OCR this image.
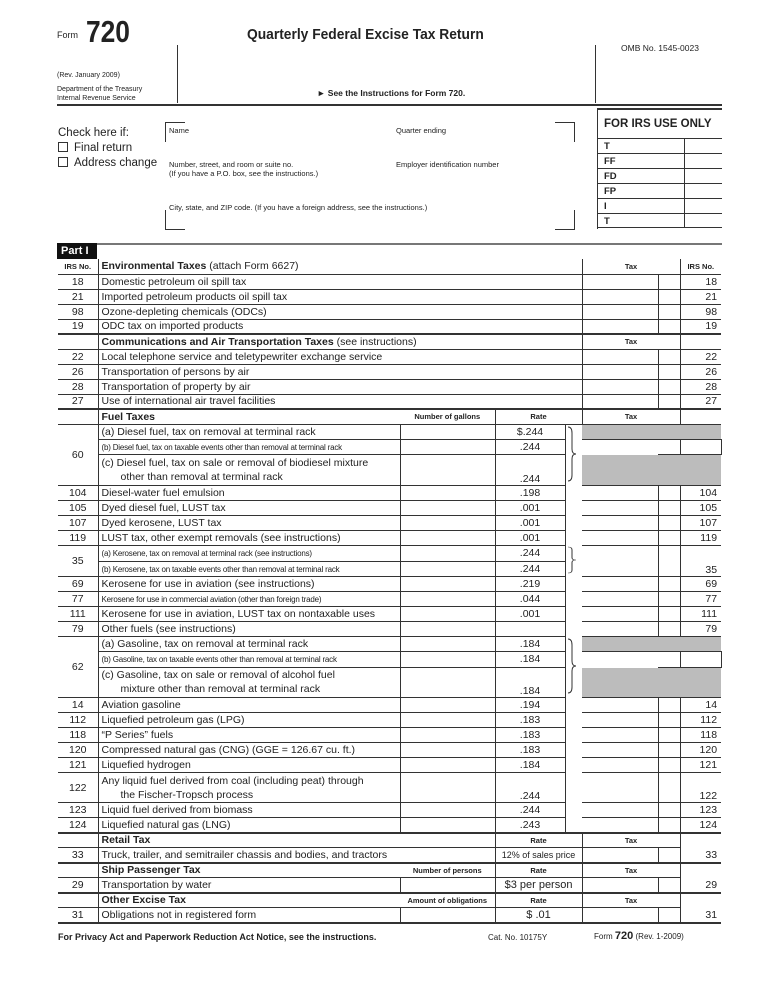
Form 720
(Rev. January 2009)
Department of the Treasury
Internal Revenue Service
Quarterly Federal Excise Tax Return
► See the Instructions for Form 720.
OMB No. 1545-0023
FOR IRS USE ONLY
T
FF
FD
FP
I
T
Check here if:
Final return
Address change
Name	Quarter ending
Number, street, and room or suite no.
(If you have a P.O. box, see the instructions.)
Employer identification number
City, state, and ZIP code. (If you have a foreign address, see the instructions.)
Part I
IRS No.	Environmental Taxes (attach Form 6627)				Tax		IRS No.	
18	Domestic petroleum oil spill tax						18	
21	Imported petroleum products oil spill tax						21	
98	Ozone-depleting chemicals (ODCs)						98	
19	ODC tax on imported products						19	
	Communications and Air Transportation Taxes (see instructions)				Tax			
22	Local telephone service and teletypewriter exchange service						22	
26	Transportation of persons by air						26	
28	Transportation of property by air						28	
27	Use of international air travel facilities						27	
	Fuel Taxes	Number of gallons	Rate		Tax			
60	(a) Diesel fuel, tax on removal at terminal rack		$.244		
	(b) Diesel fuel, tax on taxable events other than removal at terminal rack		.244				
	(c) Diesel fuel, tax on sale or removal of biodiesel mixture
other than removal at terminal rack		.244					
104	Diesel-water fuel emulsion		.198				104	
105	Dyed diesel fuel, LUST tax		.001				105	
107	Dyed kerosene, LUST tax		.001				107	
119	LUST tax, other exempt removals (see instructions)		.001				119	
35	(a) Kerosene, tax on removal at terminal rack (see instructions)		.244				35	
	(b) Kerosene, tax on taxable events other than removal at terminal rack		.244					
69	Kerosene for use in aviation (see instructions)		.219				69	
77	Kerosene for use in commercial aviation (other than foreign trade)		.044				77	
111	Kerosene for use in aviation, LUST tax on nontaxable uses		.001				111	
79	Other fuels (see instructions)						79	
62	(a) Gasoline, tax on removal at terminal rack		.184		
	(b) Gasoline, tax on taxable events other than removal at terminal rack		.184				
	(c) Gasoline, tax on sale or removal of alcohol fuel
mixture other than removal at terminal rack		.184					
14	Aviation gasoline		.194				14	
112	Liquefied petroleum gas (LPG)		.183				112	
118	“P Series” fuels		.183				118	
120	Compressed natural gas (CNG) (GGE = 126.67 cu. ft.)		.183				120	
121	Liquefied hydrogen		.184				121	
122	Any liquid fuel derived from coal (including peat) through
the Fischer-Tropsch process		.244				122	
123	Liquid fuel derived from biomass		.244				123	
124	Liquefied natural gas (LNG)		.243				124	
	Retail Tax		Rate		Tax			
33	Truck, trailer, and semitrailer chassis and bodies, and tractors		12% of sales price				33	
	Ship Passenger Tax	Number of persons	Rate		Tax			
29	Transportation by water		$3 per person				29	
	Other Excise Tax	Amount of obligations	Rate		Tax			
31	Obligations not in registered form		$ .01				31	
For Privacy Act and Paperwork Reduction Act Notice, see the instructions.	Cat. No. 10175Y	Form 720 (Rev. 1-2009)
